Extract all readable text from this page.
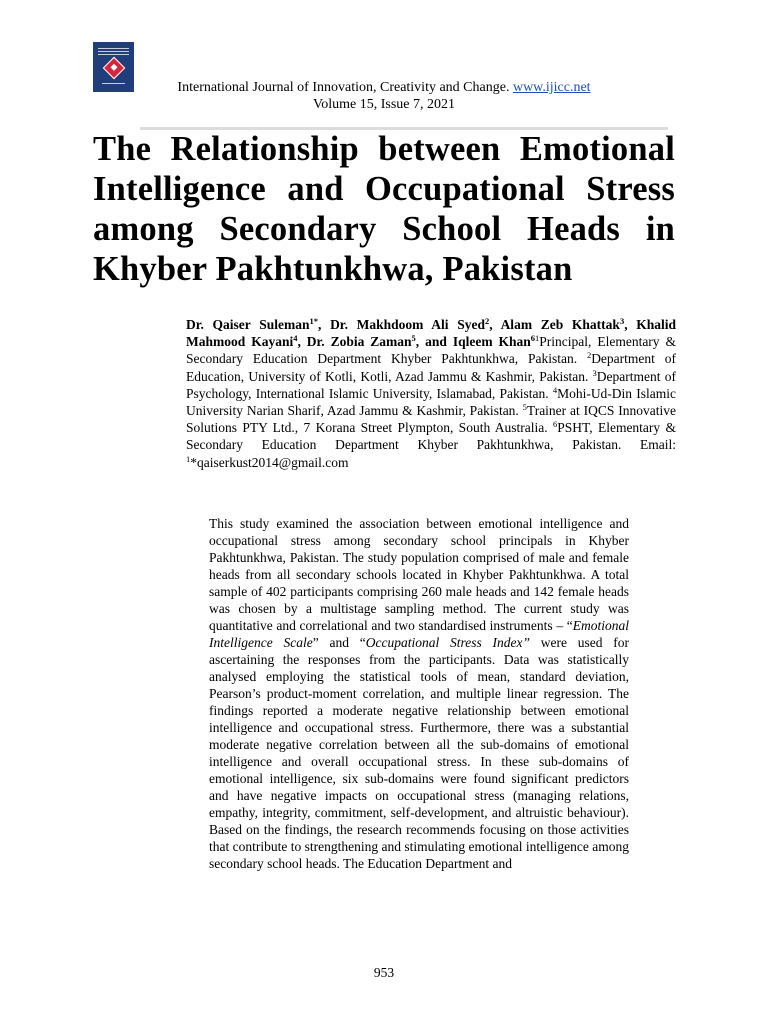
International Journal of Innovation, Creativity and Change. www.ijicc.net
Volume 15, Issue 7, 2021
The Relationship between Emotional Intelligence and Occupational Stress among Secondary School Heads in Khyber Pakhtunkhwa, Pakistan

Dr. Qaiser Suleman$^{1*}$, Dr. Makhdoom Ali Syed$^2$, Alam Zeb Khattak$^3$, Khalid Mahmood Kayani$^4$, Dr. Zobia Zaman$^5$, and Iqleem Khan$^{61}$Principal, Elementary & Secondary Education Department Khyber Pakhtunkhwa, Pakistan. $^2$Department of Education, University of Kotli, Kotli, Azad Jammu & Kashmir, Pakistan. $^3$Department of Psychology, International Islamic University, Islamabad, Pakistan. $^4$Mohi-Ud-Din Islamic University Narian Sharif, Azad Jammu & Kashmir, Pakistan. $^5$Trainer at IQCS Innovative Solutions PTY Ltd., 7 Korana Street Plympton, South Australia. $^6$PSHT, Elementary & Secondary Education Department Khyber Pakhtunkhwa, Pakistan. Email: $^1$*qaiserkust2014@gmail.com

This study examined the association between emotional intelligence and occupational stress among secondary school principals in Khyber Pakhtunkhwa, Pakistan. The study population comprised of male and female heads from all secondary schools located in Khyber Pakhtunkhwa. A total sample of 402 participants comprising 260 male heads and 142 female heads was chosen by a multistage sampling method. The current study was quantitative and correlational and two standardised instruments – “Emotional Intelligence Scale” and “Occupational Stress Index” were used for ascertaining the responses from the participants. Data was statistically analysed employing the statistical tools of mean, standard deviation, Pearson’s product-moment correlation, and multiple linear regression. The findings reported a moderate negative relationship between emotional intelligence and occupational stress. Furthermore, there was a substantial moderate negative correlation between all the sub-domains of emotional intelligence and overall occupational stress. In these sub-domains of emotional intelligence, six sub-domains were found significant predictors and have negative impacts on occupational stress (managing relations, empathy, integrity, commitment, self-development, and altruistic behaviour). Based on the findings, the research recommends focusing on those activities that contribute to strengthening and stimulating emotional intelligence among secondary school heads. The Education Department and

953
